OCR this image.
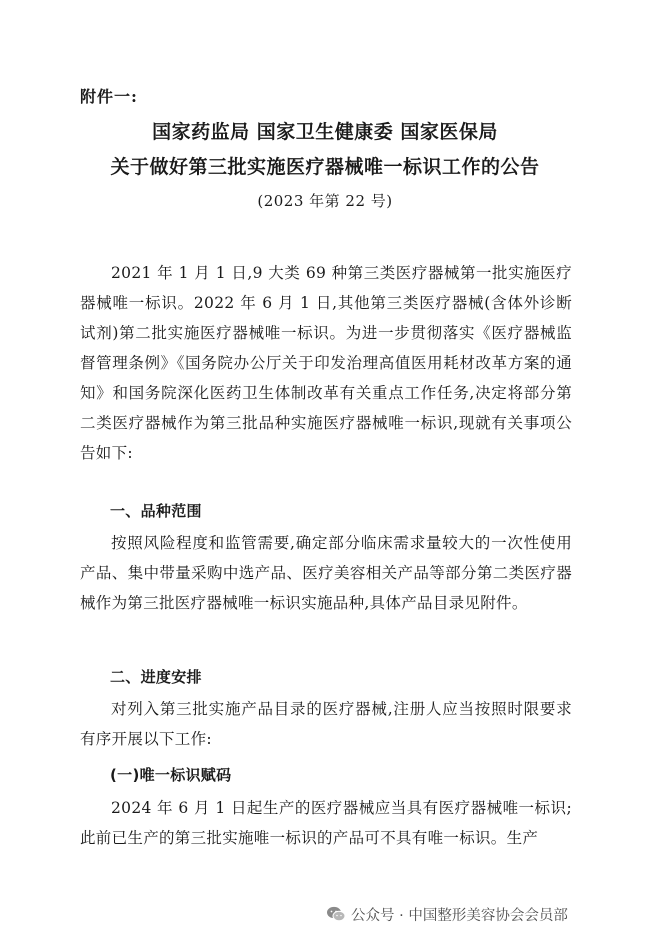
附件一:
国家药监局 国家卫生健康委 国家医保局
关于做好第三批实施医疗器械唯一标识工作的公告
(2023 年第 22 号)

2021 年 1 月 1 日,9 大类 69 种第三类医疗器械第一批实施医疗器械唯一标识。2022 年 6 月 1 日,其他第三类医疗器械(含体外诊断试剂)第二批实施医疗器械唯一标识。为进一步贯彻落实《医疗器械监督管理条例》《国务院办公厅关于印发治理高值医用耗材改革方案的通知》和国务院深化医药卫生体制改革有关重点工作任务,决定将部分第二类医疗器械作为第三批品种实施医疗器械唯一标识,现就有关事项公告如下:

一、品种范围

按照风险程度和监管需要,确定部分临床需求量较大的一次性使用产品、集中带量采购中选产品、医疗美容相关产品等部分第二类医疗器械作为第三批医疗器械唯一标识实施品种,具体产品目录见附件。

二、进度安排

对列入第三批实施产品目录的医疗器械,注册人应当按照时限要求有序开展以下工作:

(一)唯一标识赋码

2024 年 6 月 1 日起生产的医疗器械应当具有医疗器械唯一标识;此前已生产的第三批实施唯一标识的产品可不具有唯一标识。生产

公众号 · 中国整形美容协会会员部
